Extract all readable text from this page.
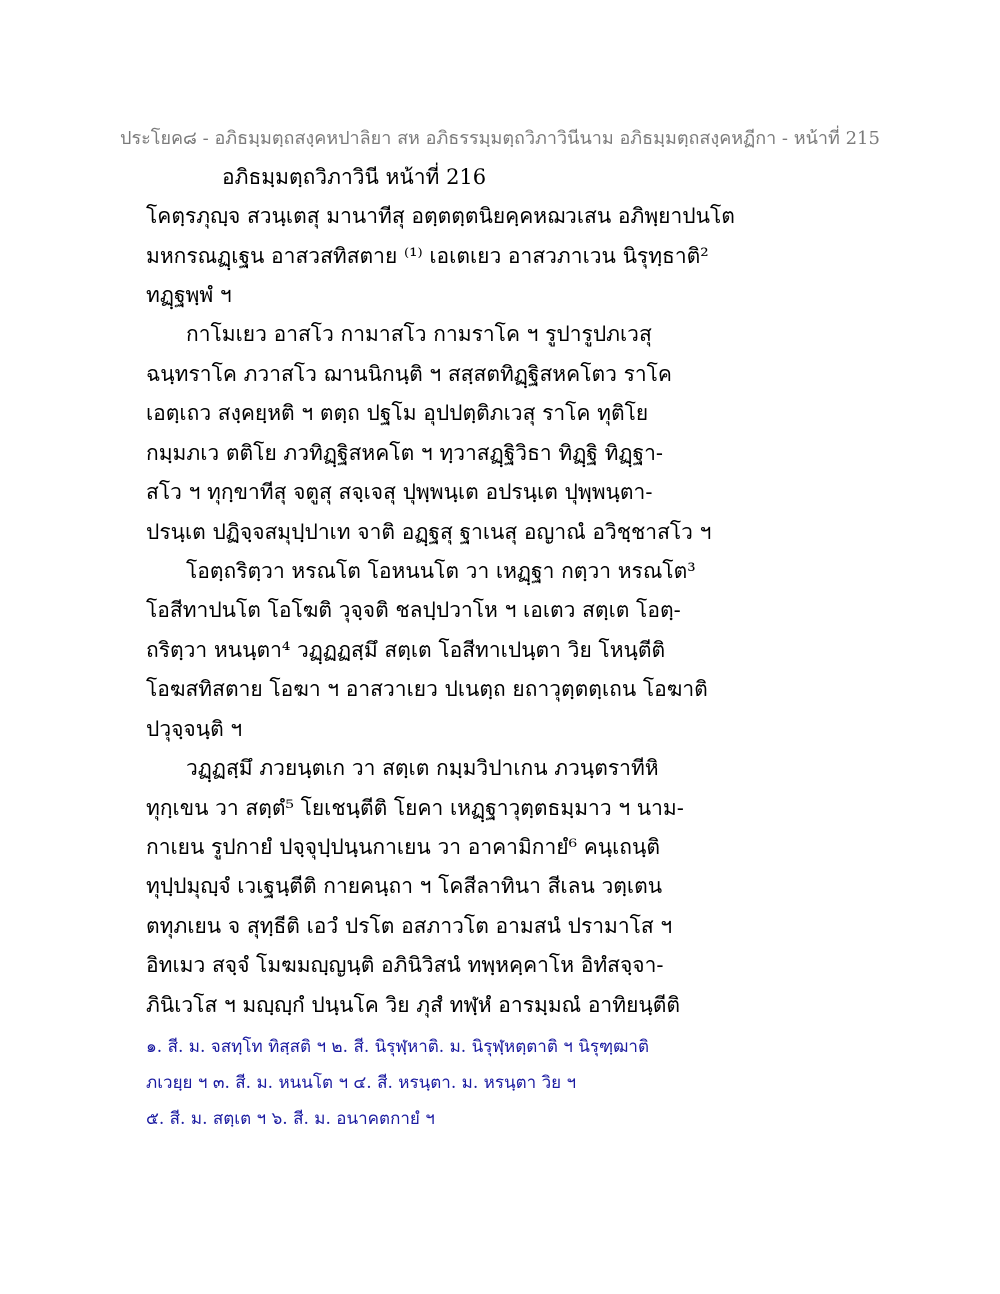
ประโยค๘ - อภิธมฺมตฺถสงฺคหปาลิยา สห อภิธรรมฺมตฺถวิภาวินีนาม อภิธมฺมตฺถสงฺคหฏีกา - หน้าที่ 215
อภิธมฺมตฺถวิภาวินี หน้าที่ 216
โคตฺรภุญฺจ สวนฺเตสุ มานาทีสุ อตฺตตฺตนิยคฺคหฌวเสน อภิพฺยาปนโต
มหกรณฏฺเฐน อาสวสทิสตาย ⁽¹⁾ เอเตเยว อาสวภาเวน นิรุทฺธาติ²
ทฏฺฐพฺพํ ฯ
กาโมเยว อาสโว กามาสโว กามราโค ฯ รูปารูปภเวสุ
ฉนฺทราโค ภวาสโว ฌานนิกนฺติ ฯ สสฺสตทิฏฺฐิสหคโตว ราโค
เอตฺเถว สงฺคยฺหติ ฯ ตตฺถ ปฐโม อุปปตฺติภเวสุ ราโค ทุติโย
กมฺมภเว ตติโย ภวทิฏฺฐิสหคโต ฯ ทฺวาสฏฺฐิวิธา ทิฏฺฐิ ทิฏฺฐา-
สโว ฯ ทุกฺขาทีสุ จตูสุ สจฺเจสุ ปุพฺพนฺเต อปรนฺเต ปุพฺพนฺตา-
ปรนฺเต ปฏิจฺจสมุปฺปาเท จาติ อฏฺฐสุ ฐาเนสุ อญาณํ อวิชฺชาสโว ฯ
โอตฺถริตฺวา หรณโต โอหนนโต วา เหฏฺฐา กตฺวา หรณโต³
โอสีทาปนโต โอโฆติ วุจฺจติ ชลปฺปวาโห ฯ เอเตว สตฺเต โอตฺ-
ถริตฺวา หนนฺตา⁴ วฏฺฏฏสฺมึ สตฺเต โอสีทาเปนฺตา วิย โหนฺตีติ
โอฆสทิสตาย โอฆา ฯ อาสวาเยว ปเนตฺถ ยถาวุตฺตตฺเถน โอฆาติ
ปวุจฺจนฺติ ฯ
วฏฺฏสฺมึ ภวยนฺตเก วา สตฺเต กมฺมวิปาเกน ภวนฺตราทีหิ
ทุกฺเขน วา สตฺตํ⁵ โยเชนฺตีติ โยคา เหฏฺฐาวุตฺตธมฺมาว ฯ นาม-
กาเยน รูปกายํ ปจฺจุปฺปนฺนกาเยน วา อาคามิกายํ⁶ คนฺเถนฺติ
ทุปฺปมุญฺจํ เวเฐนฺตีติ กายคนฺถา ฯ โคสีลาทินา สีเลน วตฺเตน
ตทุภเยน จ สุทฺธีติ เอวํ ปรโต อสภาวโต อามสนํ ปรามาโส ฯ
อิทเมว สจฺจํ โมฆมญฺญนฺติ อภินิวิสนํ ทพฺหคฺคาโห อิทํสจฺจา-
ภินิเวโส ฯ มญฺญฺกํ ปนฺนโค วิย ภุสํ ทฬฺหํ อารมฺมณํ อาทิยนฺตีติ
๑. สี. ม. จสทฺโท ทิสฺสติ ฯ ๒. สี. นิรุฬฺหาติ. ม. นิรุฬฺหตฺตาติ ฯ นิรุฑฺฒาติ
ภเวยฺย ฯ ๓. สี. ม. หนนโต ฯ ๔. สี. หรนฺตา. ม. หรนฺตา วิย ฯ
๕. สี. ม. สตฺเต ฯ ๖. สี. ม. อนาคตกายํ ฯ
